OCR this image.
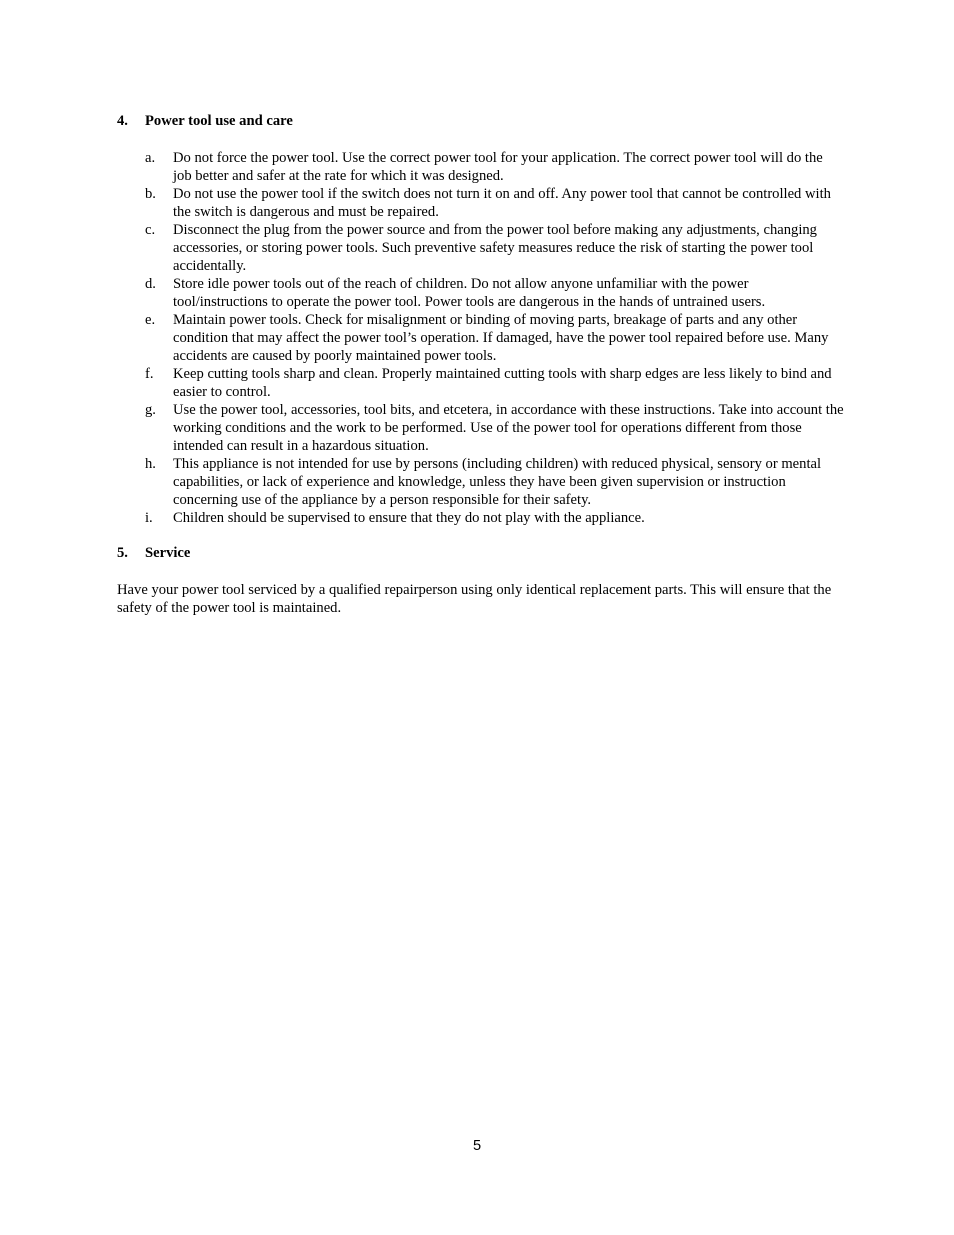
4. Power tool use and care
a. Do not force the power tool. Use the correct power tool for your application. The correct power tool will do the job better and safer at the rate for which it was designed.
b. Do not use the power tool if the switch does not turn it on and off. Any power tool that cannot be controlled with the switch is dangerous and must be repaired.
c. Disconnect the plug from the power source and from the power tool before making any adjustments, changing accessories, or storing power tools. Such preventive safety measures reduce the risk of starting the power tool accidentally.
d. Store idle power tools out of the reach of children. Do not allow anyone unfamiliar with the power tool/instructions to operate the power tool. Power tools are dangerous in the hands of untrained users.
e. Maintain power tools. Check for misalignment or binding of moving parts, breakage of parts and any other condition that may affect the power tool’s operation. If damaged, have the power tool repaired before use. Many accidents are caused by poorly maintained power tools.
f. Keep cutting tools sharp and clean. Properly maintained cutting tools with sharp edges are less likely to bind and easier to control.
g. Use the power tool, accessories, tool bits, and etcetera, in accordance with these instructions. Take into account the working conditions and the work to be performed. Use of the power tool for operations different from those intended can result in a hazardous situation.
h. This appliance is not intended for use by persons (including children) with reduced physical, sensory or mental capabilities, or lack of experience and knowledge, unless they have been given supervision or instruction concerning use of the appliance by a person responsible for their safety.
i. Children should be supervised to ensure that they do not play with the appliance.
5. Service

Have your power tool serviced by a qualified repairperson using only identical replacement parts. This will ensure that the safety of the power tool is maintained.

5
